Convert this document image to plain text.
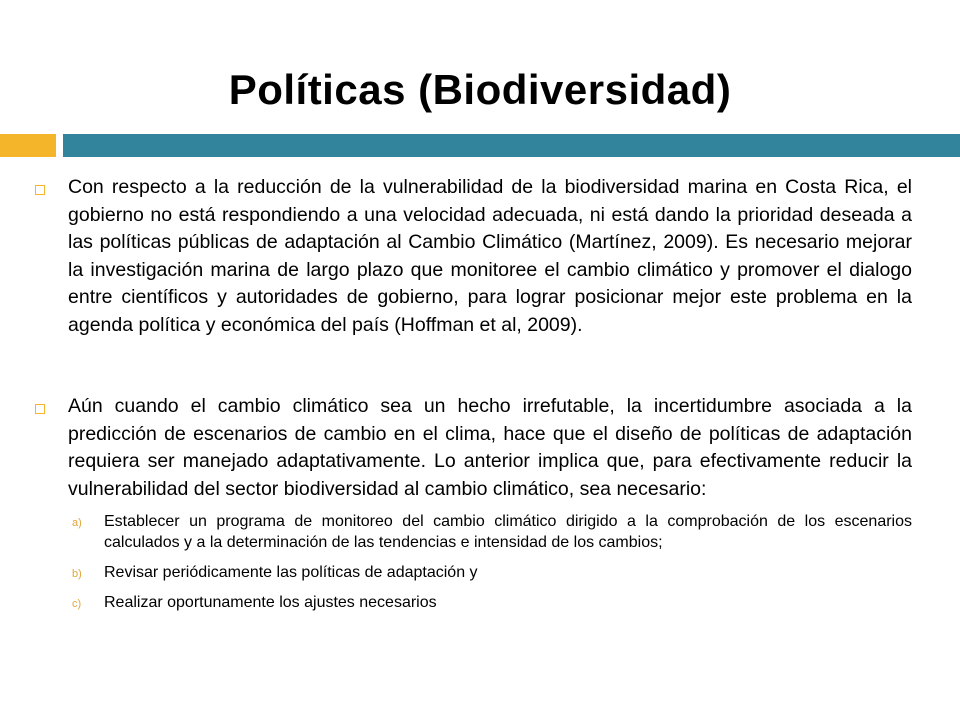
Políticas (Biodiversidad)
Con respecto a la reducción de la vulnerabilidad de la biodiversidad marina en Costa Rica, el gobierno no está respondiendo a una velocidad adecuada, ni está dando la prioridad deseada a las políticas públicas de adaptación al Cambio Climático (Martínez, 2009). Es necesario mejorar la investigación marina de largo plazo que monitoree el cambio climático y promover el dialogo entre científicos y autoridades de gobierno, para lograr posicionar mejor este problema en la agenda política y económica del país (Hoffman et al, 2009).
Aún cuando el cambio climático sea un hecho irrefutable, la incertidumbre asociada a la predicción de escenarios de cambio en el clima, hace que el diseño de políticas de adaptación requiera ser manejado adaptativamente. Lo anterior implica que, para efectivamente reducir la vulnerabilidad del sector biodiversidad al cambio climático, sea necesario:
a) Establecer un programa de monitoreo del cambio climático dirigido a la comprobación de los escenarios calculados y a la determinación de las tendencias e intensidad de los cambios;
b) Revisar periódicamente las políticas de adaptación y
c) Realizar oportunamente los ajustes necesarios
